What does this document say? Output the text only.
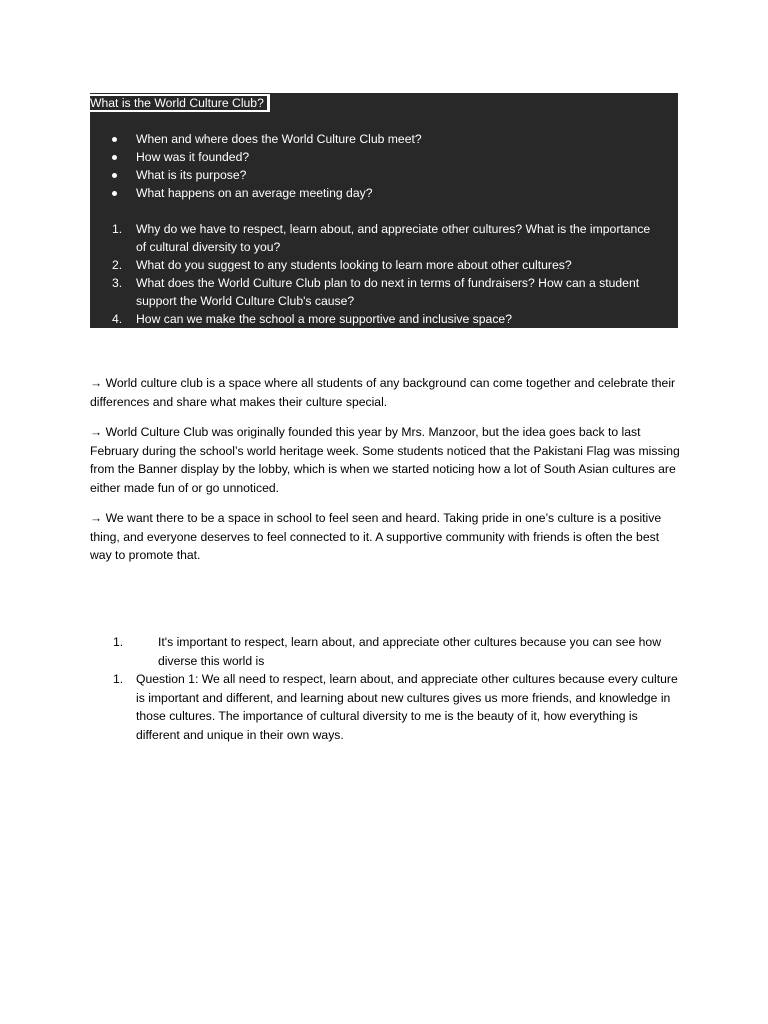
What is the World Culture Club?
When and where does the World Culture Club meet?
How was it founded?
What is its purpose?
What happens on an average meeting day?
1. Why do we have to respect, learn about, and appreciate other cultures? What is the importance of cultural diversity to you?
2. What do you suggest to any students looking to learn more about other cultures?
3. What does the World Culture Club plan to do next in terms of fundraisers? How can a student support the World Culture Club's cause?
4. How can we make the school a more supportive and inclusive space?

→ World culture club is a space where all students of any background can come together and celebrate their differences and share what makes their culture special.

→ World Culture Club was originally founded this year by Mrs. Manzoor, but the idea goes back to last February during the school’s world heritage week. Some students noticed that the Pakistani Flag was missing from the Banner display by the lobby, which is when we started noticing how a lot of South Asian cultures are either made fun of or go unnoticed.

→ We want there to be a space in school to feel seen and heard. Taking pride in one’s culture is a positive thing, and everyone deserves to feel connected to it. A supportive community with friends is often the best way to promote that.

1.	It's important to respect, learn about, and appreciate other cultures because you can see how diverse this world is
1. Question 1: We all need to respect, learn about, and appreciate other cultures because every culture is important and different, and learning about new cultures gives us more friends, and knowledge in those cultures. The importance of cultural diversity to me is the beauty of it, how everything is different and unique in their own ways.
